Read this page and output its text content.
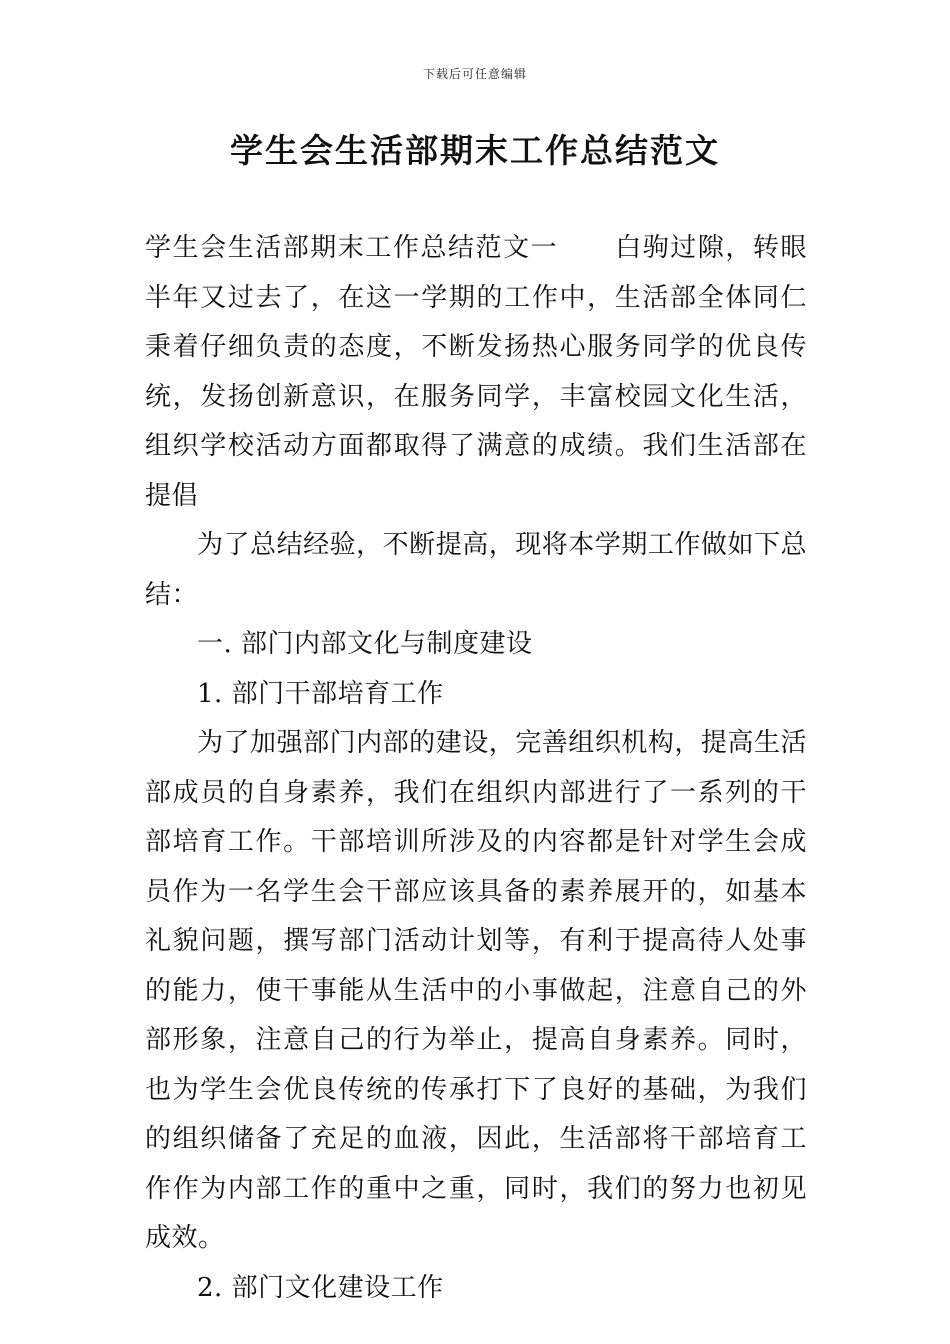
下载后可任意编辑
学生会生活部期末工作总结范文

学生会生活部期末工作总结范文一 白驹过隙，转眼半年又过去了，在这一学期的工作中，生活部全体同仁秉着仔细负责的态度，不断发扬热心服务同学的优良传统，发扬创新意识，在服务同学，丰富校园文化生活，组织学校活动方面都取得了满意的成绩。我们生活部在提倡

为了总结经验，不断提高，现将本学期工作做如下总结：

一. 部门内部文化与制度建设

1. 部门干部培育工作

为了加强部门内部的建设，完善组织机构，提高生活部成员的自身素养，我们在组织内部进行了一系列的干部培育工作。干部培训所涉及的内容都是针对学生会成员作为一名学生会干部应该具备的素养展开的，如基本礼貌问题，撰写部门活动计划等，有利于提高待人处事的能力，使干事能从生活中的小事做起，注意自己的外部形象，注意自己的行为举止，提高自身素养。同时，也为学生会优良传统的传承打下了良好的基础，为我们的组织储备了充足的血液，因此，生活部将干部培育工作作为内部工作的重中之重，同时，我们的努力也初见成效。

2. 部门文化建设工作
